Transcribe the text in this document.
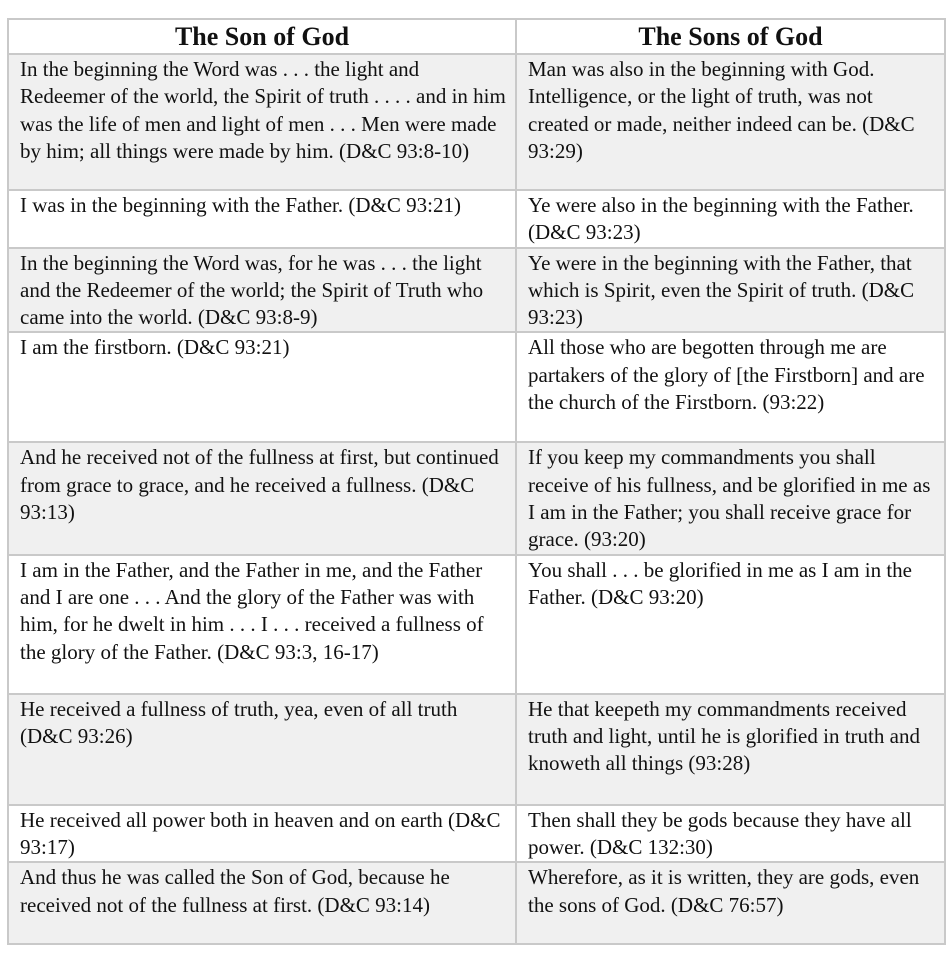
The Son of God	The Sons of God
In the beginning the Word was . . . the light and Redeemer of the world, the Spirit of truth . . . . and in him was the life of men and light of men . . . Men were made by him; all things were made by him. (D&C 93:8-10)	Man was also in the beginning with God. Intelligence, or the light of truth, was not created or made, neither indeed can be. (D&C 93:29)
I was in the beginning with the Father. (D&C 93:21)	Ye were also in the beginning with the Father. (D&C 93:23)
In the beginning the Word was, for he was . . . the light and the Redeemer of the world; the Spirit of Truth who came into the world. (D&C 93:8-9)	Ye were in the beginning with the Father, that which is Spirit, even the Spirit of truth. (D&C 93:23)
I am the firstborn. (D&C 93:21)	All those who are begotten through me are partakers of the glory of [the Firstborn] and are the church of the Firstborn. (93:22)
And he received not of the fullness at first, but continued from grace to grace, and he received a fullness. (D&C 93:13)	If you keep my commandments you shall receive of his fullness, and be glorified in me as I am in the Father; you shall receive grace for grace. (93:20)
I am in the Father, and the Father in me, and the Father and I are one . . . And the glory of the Father was with him, for he dwelt in him . . . I . . . received a fullness of the glory of the Father. (D&C 93:3, 16-17)	You shall . . . be glorified in me as I am in the Father. (D&C 93:20)
He received a fullness of truth, yea, even of all truth (D&C 93:26)	He that keepeth my commandments received truth and light, until he is glorified in truth and knoweth all things (93:28)
He received all power both in heaven and on earth (D&C 93:17)	Then shall they be gods because they have all power. (D&C 132:30)
And thus he was called the Son of God, because he received not of the fullness at first. (D&C 93:14)	Wherefore, as it is written, they are gods, even the sons of God. (D&C 76:57)
